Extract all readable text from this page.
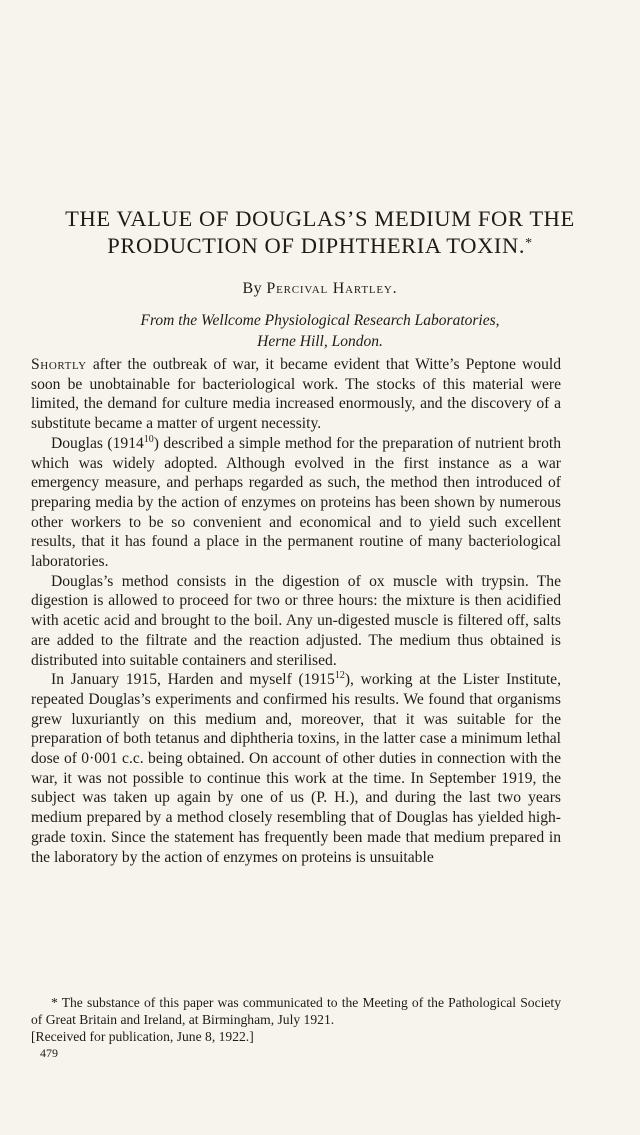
THE VALUE OF DOUGLAS’S MEDIUM FOR THE
PRODUCTION OF DIPHTHERIA TOXIN.*
By Percival Hartley.
From the Wellcome Physiological Research Laboratories,
Herne Hill, London.

Shortly after the outbreak of war, it became evident that Witte’s Peptone would soon be unobtainable for bacteriological work. The stocks of this material were limited, the demand for culture media increased enormously, and the discovery of a substitute became a matter of urgent necessity.

Douglas (1914$^{10}$) described a simple method for the preparation of nutrient broth which was widely adopted. Although evolved in the first instance as a war emergency measure, and perhaps regarded as such, the method then introduced of preparing media by the action of enzymes on proteins has been shown by numerous other workers to be so convenient and economical and to yield such excellent results, that it has found a place in the permanent routine of many bacteriological laboratories.

Douglas’s method consists in the digestion of ox muscle with trypsin. The digestion is allowed to proceed for two or three hours: the mixture is then acidified with acetic acid and brought to the boil. Any un-digested muscle is filtered off, salts are added to the filtrate and the reaction adjusted. The medium thus obtained is distributed into suitable containers and sterilised.

In January 1915, Harden and myself (1915$^{12}$), working at the Lister Institute, repeated Douglas’s experiments and confirmed his results. We found that organisms grew luxuriantly on this medium and, moreover, that it was suitable for the preparation of both tetanus and diphtheria toxins, in the latter case a minimum lethal dose of 0·001 c.c. being obtained. On account of other duties in connection with the war, it was not possible to continue this work at the time. In September 1919, the subject was taken up again by one of us (P. H.), and during the last two years medium prepared by a method closely resembling that of Douglas has yielded high-grade toxin. Since the statement has frequently been made that medium prepared in the laboratory by the action of enzymes on proteins is unsuitable

* The substance of this paper was communicated to the Meeting of the Pathological Society of Great Britain and Ireland, at Birmingham, July 1921.

[Received for publication, June 8, 1922.]

479
